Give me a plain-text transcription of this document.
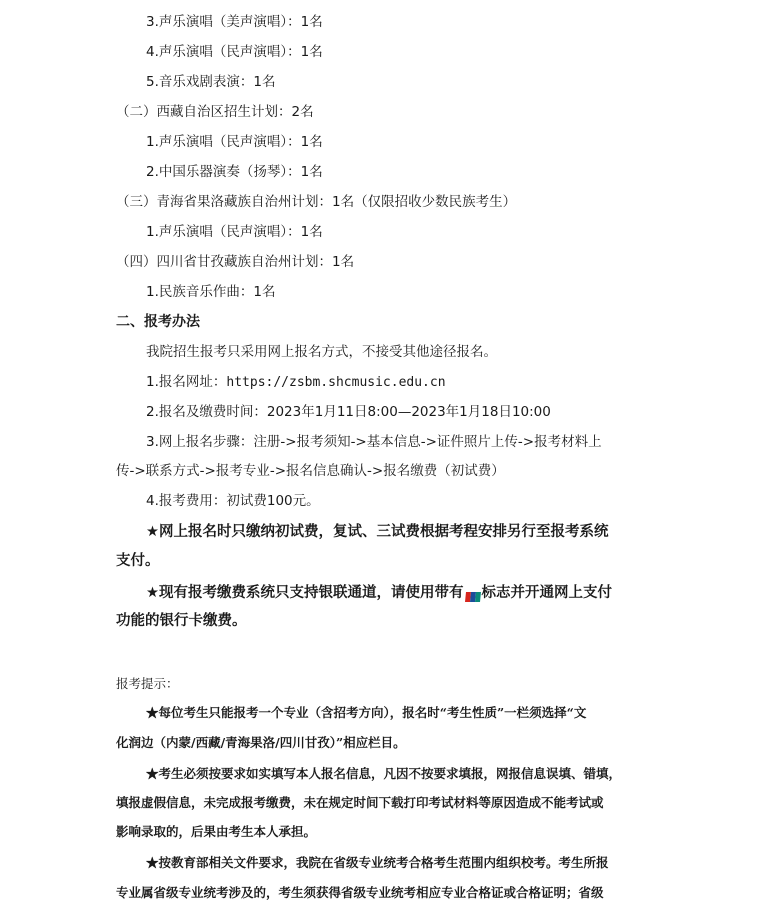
3.声乐演唱（美声演唱）：1名
4.声乐演唱（民声演唱）：1名
5.音乐戏剧表演：1名
（二）西藏自治区招生计划：2名
1.声乐演唱（民声演唱）：1名
2.中国乐器演奏（扬琴）：1名
（三）青海省果洛藏族自治州计划：1名（仅限招收少数民族考生）
1.声乐演唱（民声演唱）：1名
（四）四川省甘孜藏族自治州计划：1名
1.民族音乐作曲：1名
二、报考办法
我院招生报考只采用网上报名方式，不接受其他途径报名。
1.报名网址：https://zsbm.shcmusic.edu.cn
2.报名及缴费时间：2023年1月11日8:00—2023年1月18日10:00
3.网上报名步骤：注册->报考须知->基本信息->证件照片上传->报考材料上
传->联系方式->报考专业->报名信息确认->报名缴费（初试费）
4.报考费用：初试费100元。
★网上报名时只缴纳初试费，复试、三试费根据考程安排另行至报考系统
支付。
★现有报考缴费系统只支持银联通道，请使用带有 标志并开通网上支付
功能的银行卡缴费。
报考提示：
★每位考生只能报考一个专业（含招考方向），报名时“考生性质”一栏须选择“文
化润边（内蒙/西藏/青海果洛/四川甘孜）”相应栏目。
★考生必须按要求如实填写本人报名信息，凡因不按要求填报，网报信息误填、错填，
填报虚假信息，未完成报考缴费，未在规定时间下载打印考试材料等原因造成不能考试或
影响录取的，后果由考生本人承担。
★按教育部相关文件要求，我院在省级专业统考合格考生范围内组织校考。考生所报
专业属省级专业统考涉及的，考生须获得省级专业统考相应专业合格证或合格证明；省级
